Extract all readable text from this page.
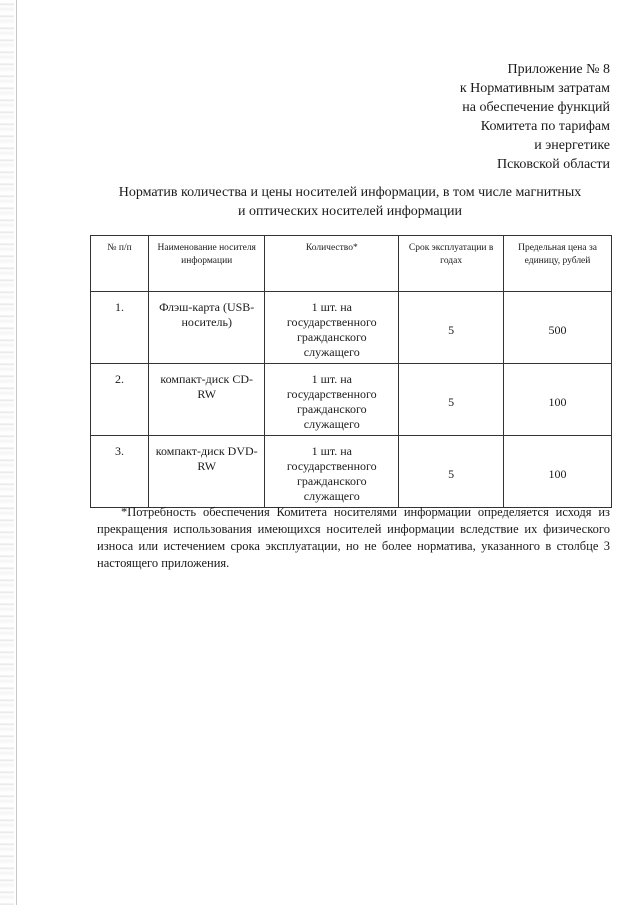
Приложение № 8
к Нормативным затратам
на обеспечение функций
Комитета по тарифам
и энергетике
Псковской области
Норматив количества и цены носителей информации, в том числе магнитных
и оптических носителей информации
№ п/п	Наименование носителя информации	Количество*	Срок эксплуатации в годах	Предельная цена за единицу, рублей
1.	Флэш-карта (USB-носитель)	1 шт. на государственного гражданского служащего	5	500
2.	компакт-диск CD-RW	1 шт. на государственного гражданского служащего	5	100
3.	компакт-диск DVD-RW	1 шт. на государственного гражданского служащего	5	100
*Потребность обеспечения Комитета носителями информации определяется исходя из прекращения использования имеющихся носителей информации вследствие их физического износа или истечением срока эксплуатации, но не более норматива, указанного в столбце 3 настоящего приложения.
